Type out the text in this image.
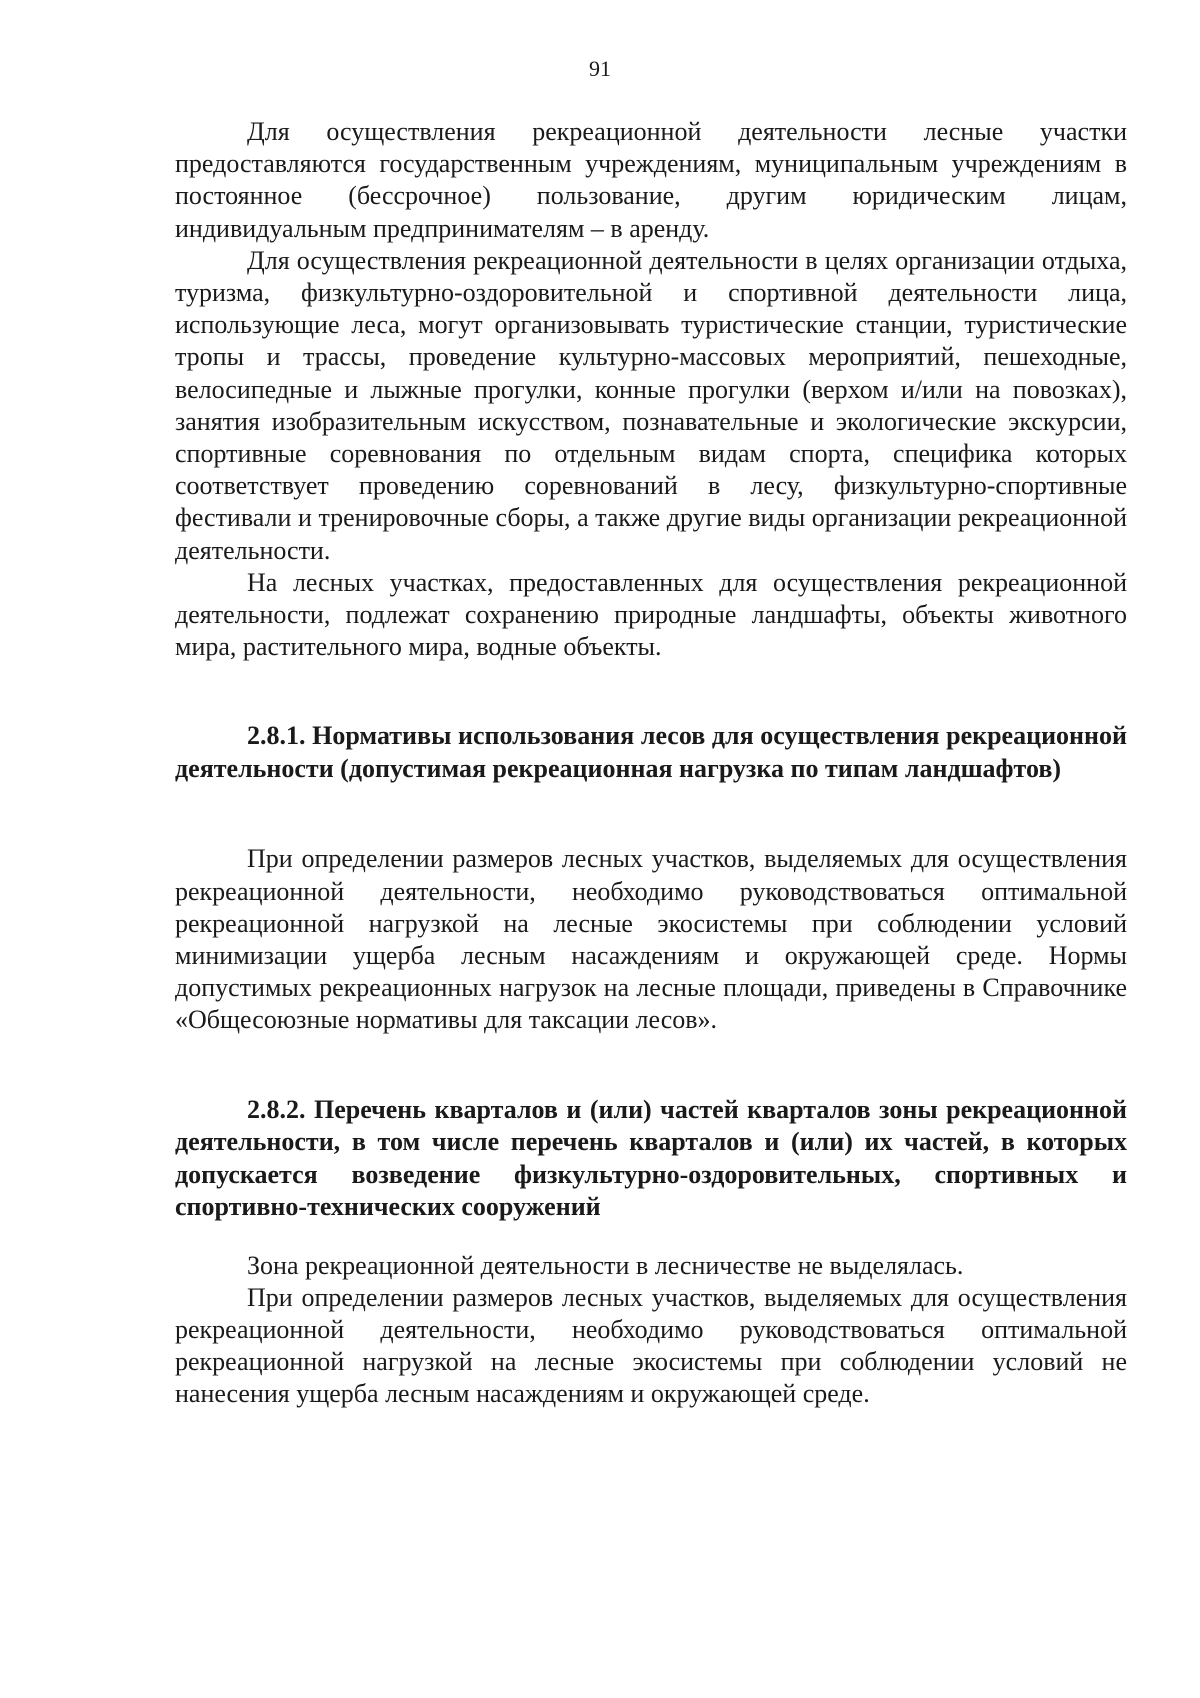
91

Для осуществления рекреационной деятельности лесные участки предоставляются государственным учреждениям, муниципальным учреждениям в постоянное (бессрочное) пользование, другим юридическим лицам, индивидуальным предпринимателям – в аренду.

Для осуществления рекреационной деятельности в целях организации отдыха, туризма, физкультурно-оздоровительной и спортивной деятельности лица, использующие леса, могут организовывать туристические станции, туристические тропы и трассы, проведение культурно-массовых мероприятий, пешеходные, велосипедные и лыжные прогулки, конные прогулки (верхом и/или на повозках), занятия изобразительным искусством, познавательные и экологические экскурсии, спортивные соревнования по отдельным видам спорта, специфика которых соответствует проведению соревнований в лесу, физкультурно-спортивные фестивали и тренировочные сборы, а также другие виды организации рекреационной деятельности.

На лесных участках, предоставленных для осуществления рекреационной деятельности, подлежат сохранению природные ландшафты, объекты животного мира, растительного мира, водные объекты.

2.8.1. Нормативы использования лесов для осуществления рекреационной деятельности (допустимая рекреационная нагрузка по типам ландшафтов)

При определении размеров лесных участков, выделяемых для осуществления рекреационной деятельности, необходимо руководствоваться оптимальной рекреационной нагрузкой на лесные экосистемы при соблюдении условий минимизации ущерба лесным насаждениям и окружающей среде. Нормы допустимых рекреационных нагрузок на лесные площади, приведены в Справочнике «Общесоюзные нормативы для таксации лесов».

2.8.2. Перечень кварталов и (или) частей кварталов зоны рекреационной деятельности, в том числе перечень кварталов и (или) их частей, в которых допускается возведение физкультурно-оздоровительных, спортивных и спортивно-технических сооружений

Зона рекреационной деятельности в лесничестве не выделялась.

При определении размеров лесных участков, выделяемых для осуществления рекреационной деятельности, необходимо руководствоваться оптимальной рекреационной нагрузкой на лесные экосистемы при соблюдении условий не нанесения ущерба лесным насаждениям и окружающей среде.
